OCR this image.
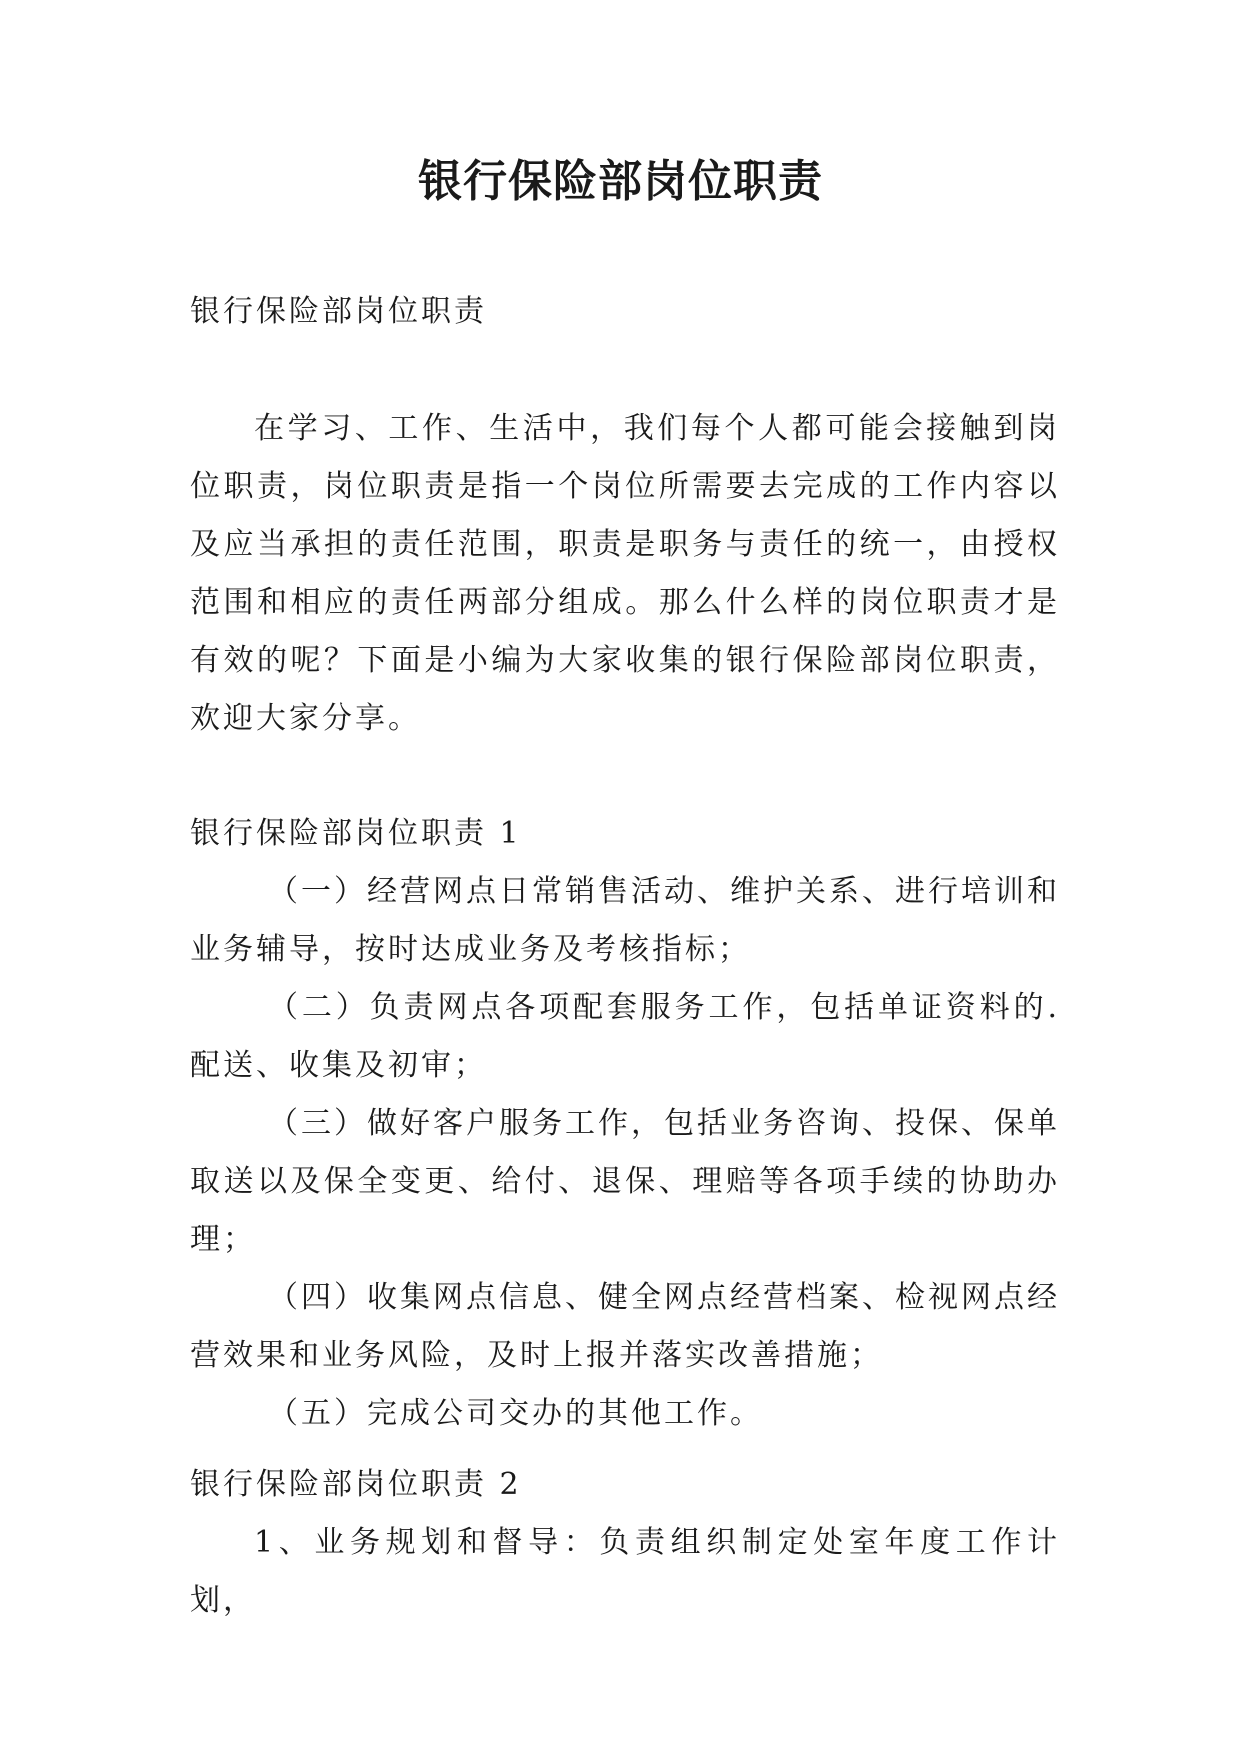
银行保险部岗位职责
银行保险部岗位职责

在学习、工作、生活中，我们每个人都可能会接触到岗位职责，岗位职责是指一个岗位所需要去完成的工作内容以及应当承担的责任范围，职责是职务与责任的统一，由授权范围和相应的责任两部分组成。那么什么样的岗位职责才是有效的呢？下面是小编为大家收集的银行保险部岗位职责，欢迎大家分享。

银行保险部岗位职责 1

（一）经营网点日常销售活动、维护关系、进行培训和业务辅导，按时达成业务及考核指标；

（二）负责网点各项配套服务工作，包括单证资料的.配送、收集及初审；

（三）做好客户服务工作，包括业务咨询、投保、保单取送以及保全变更、给付、退保、理赔等各项手续的协助办理；

（四）收集网点信息、健全网点经营档案、检视网点经营效果和业务风险，及时上报并落实改善措施；

（五）完成公司交办的其他工作。

银行保险部岗位职责 2

1、业务规划和督导：负责组织制定处室年度工作计划，
